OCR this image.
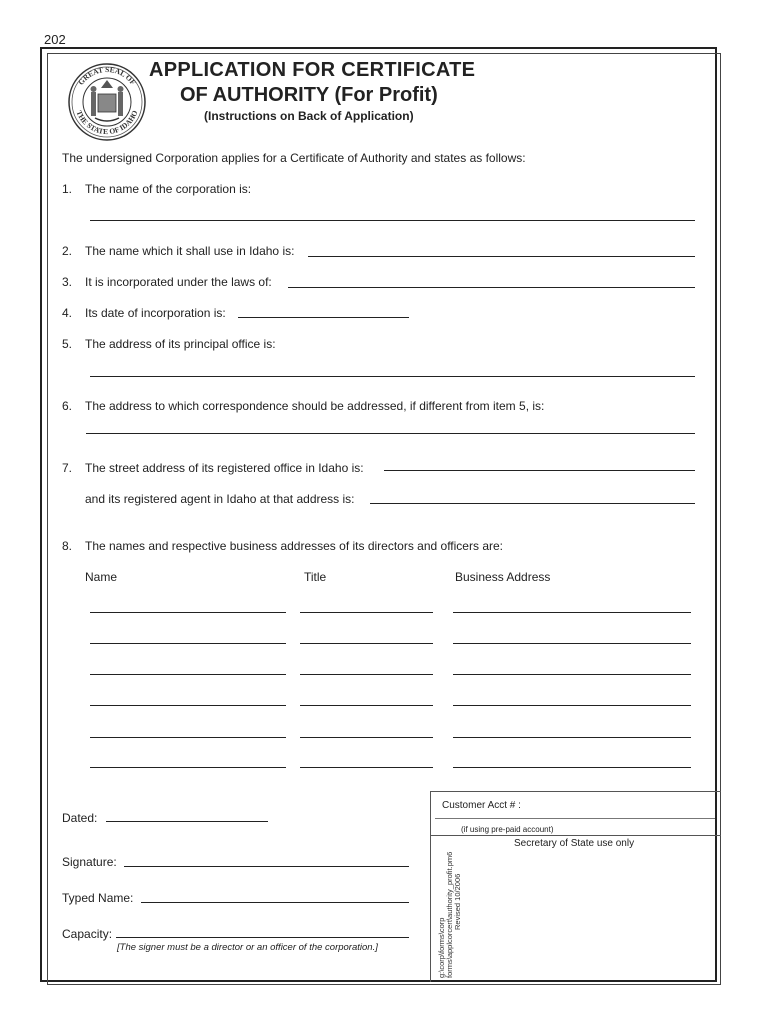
202
GREAT SEAL OF
THE STATE OF IDAHO
APPLICATION FOR CERTIFICATE
OF AUTHORITY (For Profit)
(Instructions on Back of Application)
The undersigned Corporation applies for a Certificate of Authority and states as follows:
1.	The name of the corporation is:
2.	The name which it shall use in Idaho is:
3.	It is incorporated under the laws of:
4.	Its date of incorporation is:
5.	The address of its principal office is:
6.	The address to which correspondence should be addressed, if different from item 5, is:
7.	The street address of its registered office in Idaho is:
and its registered agent in Idaho at that address is:
8.	The names and respective business addresses of its directors and officers are:
Name	Title	Business Address
Dated:
Signature:
Typed Name:
Capacity:
[The signer must be a director or an officer of the corporation.]
Customer Acct # :
(if using pre-paid account)
Secretary of State use only
g:\corp\forms\corp forms\applcorcert\authority_profit.pm6 Revised 10/2006
